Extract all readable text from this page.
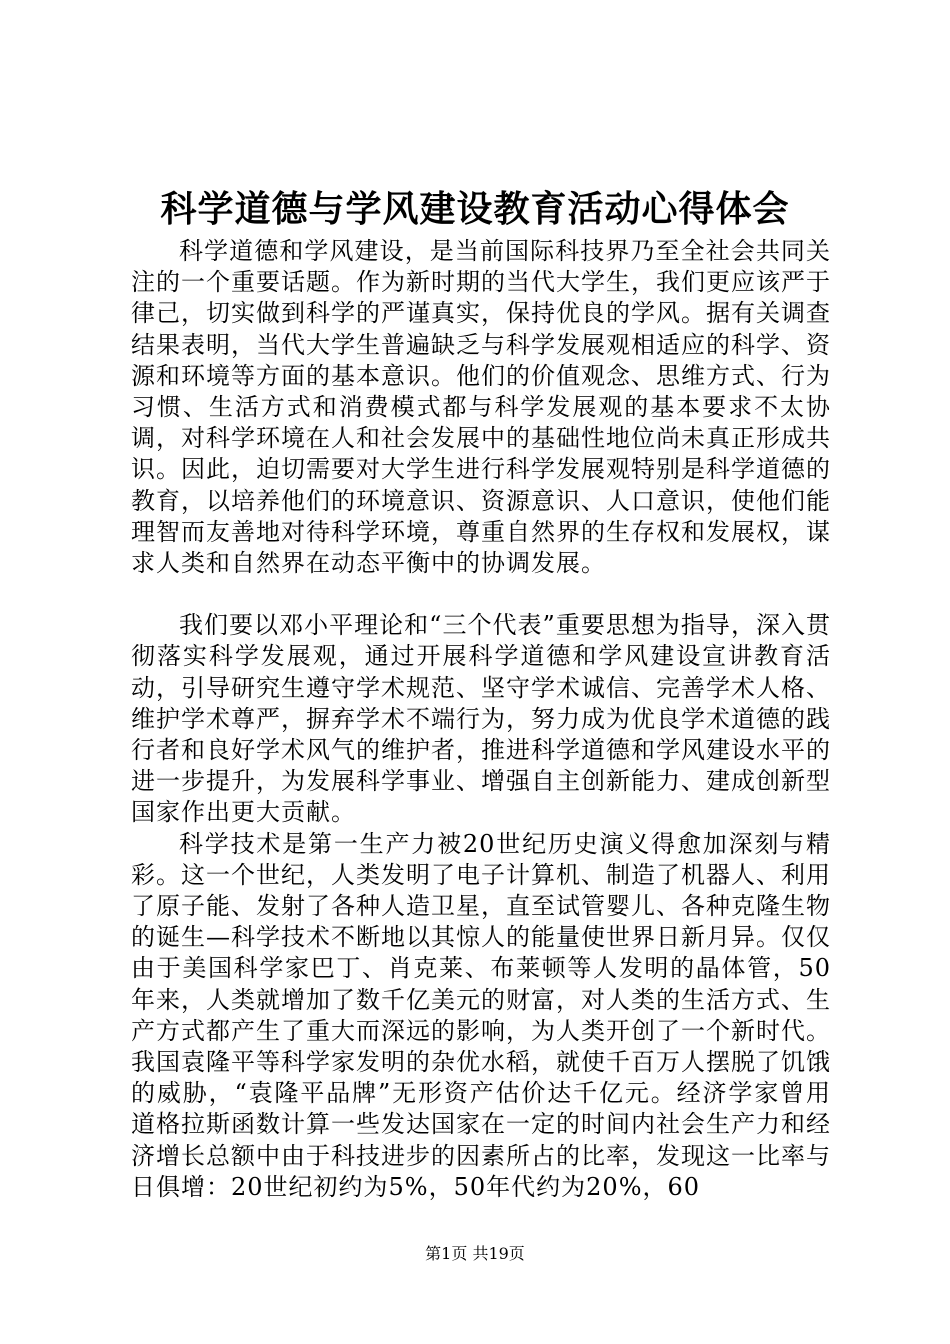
科学道德与学风建设教育活动心得体会

科学道德和学风建设，是当前国际科技界乃至全社会共同关注的一个重要话题。作为新时期的当代大学生，我们更应该严于律己，切实做到科学的严谨真实，保持优良的学风。据有关调查结果表明，当代大学生普遍缺乏与科学发展观相适应的科学、资源和环境等方面的基本意识。他们的价值观念、思维方式、行为习惯、生活方式和消费模式都与科学发展观的基本要求不太协调，对科学环境在人和社会发展中的基础性地位尚未真正形成共识。因此，迫切需要对大学生进行科学发展观特别是科学道德的教育，以培养他们的环境意识、资源意识、人口意识，使他们能理智而友善地对待科学环境，尊重自然界的生存权和发展权，谋求人类和自然界在动态平衡中的协调发展。

我们要以邓小平理论和“三个代表”重要思想为指导，深入贯彻落实科学发展观，通过开展科学道德和学风建设宣讲教育活动，引导研究生遵守学术规范、坚守学术诚信、完善学术人格、维护学术尊严，摒弃学术不端行为，努力成为优良学术道德的践行者和良好学术风气的维护者，推进科学道德和学风建设水平的进一步提升，为发展科学事业、增强自主创新能力、建成创新型国家作出更大贡献。

科学技术是第一生产力被20世纪历史演义得愈加深刻与精彩。这一个世纪，人类发明了电子计算机、制造了机器人、利用了原子能、发射了各种人造卫星，直至试管婴儿、各种克隆生物的诞生—科学技术不断地以其惊人的能量使世界日新月异。仅仅由于美国科学家巴丁、肖克莱、布莱顿等人发明的晶体管，50年来，人类就增加了数千亿美元的财富，对人类的生活方式、生产方式都产生了重大而深远的影响，为人类开创了一个新时代。我国袁隆平等科学家发明的杂优水稻，就使千百万人摆脱了饥饿的威胁，“袁隆平品牌”无形资产估价达千亿元。经济学家曾用道格拉斯函数计算一些发达国家在一定的时间内社会生产力和经济增长总额中由于科技进步的因素所占的比率，发现这一比率与日俱增：20世纪初约为5%，50年代约为20%，60

第1页 共19页
